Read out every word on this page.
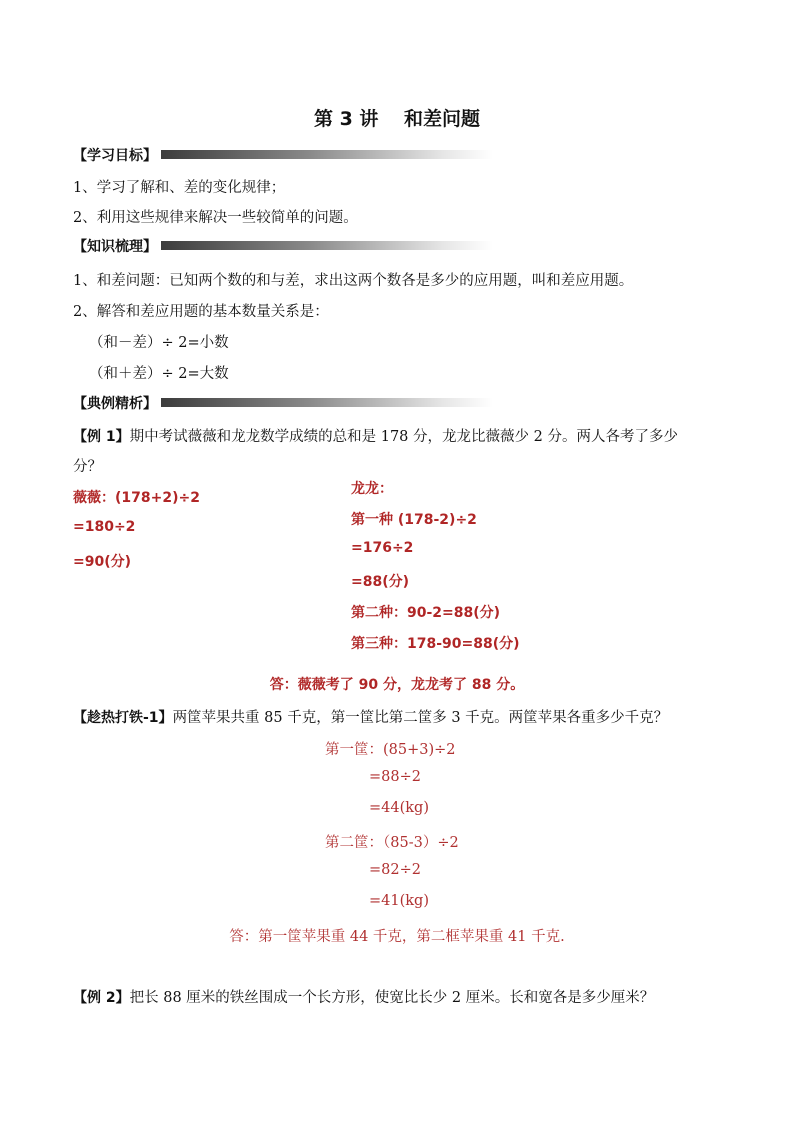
第 3 讲　 和差问题
【学习目标】
1、学习了解和、差的变化规律；
2、利用这些规律来解决一些较简单的问题。
【知识梳理】
1、和差问题：已知两个数的和与差，求出这两个数各是多少的应用题，叫和差应用题。
2、解答和差应用题的基本数量关系是：
（和－差）÷ 2=小数
（和＋差）÷ 2=大数
【典例精析】
【例 1】期中考试薇薇和龙龙数学成绩的总和是 178 分，龙龙比薇薇少 2 分。两人各考了多少
分？
薇薇：(178+2)÷2
=180÷2
=90(分)
龙龙：
第一种 (178-2)÷2
=176÷2
=88(分)
第二种：90-2=88(分)
第三种：178-90=88(分)
答：薇薇考了 90 分，龙龙考了 88 分。
【趁热打铁-1】两筐苹果共重 85 千克，第一筐比第二筐多 3 千克。两筐苹果各重多少千克？
第一筐：(85+3)÷2
=88÷2
=44(kg)
第二筐：（85-3）÷2
=82÷2
=41(kg)
答：第一筐苹果重 44 千克，第二框苹果重 41 千克.
【例 2】把长 88 厘米的铁丝围成一个长方形，使宽比长少 2 厘米。长和宽各是多少厘米？
